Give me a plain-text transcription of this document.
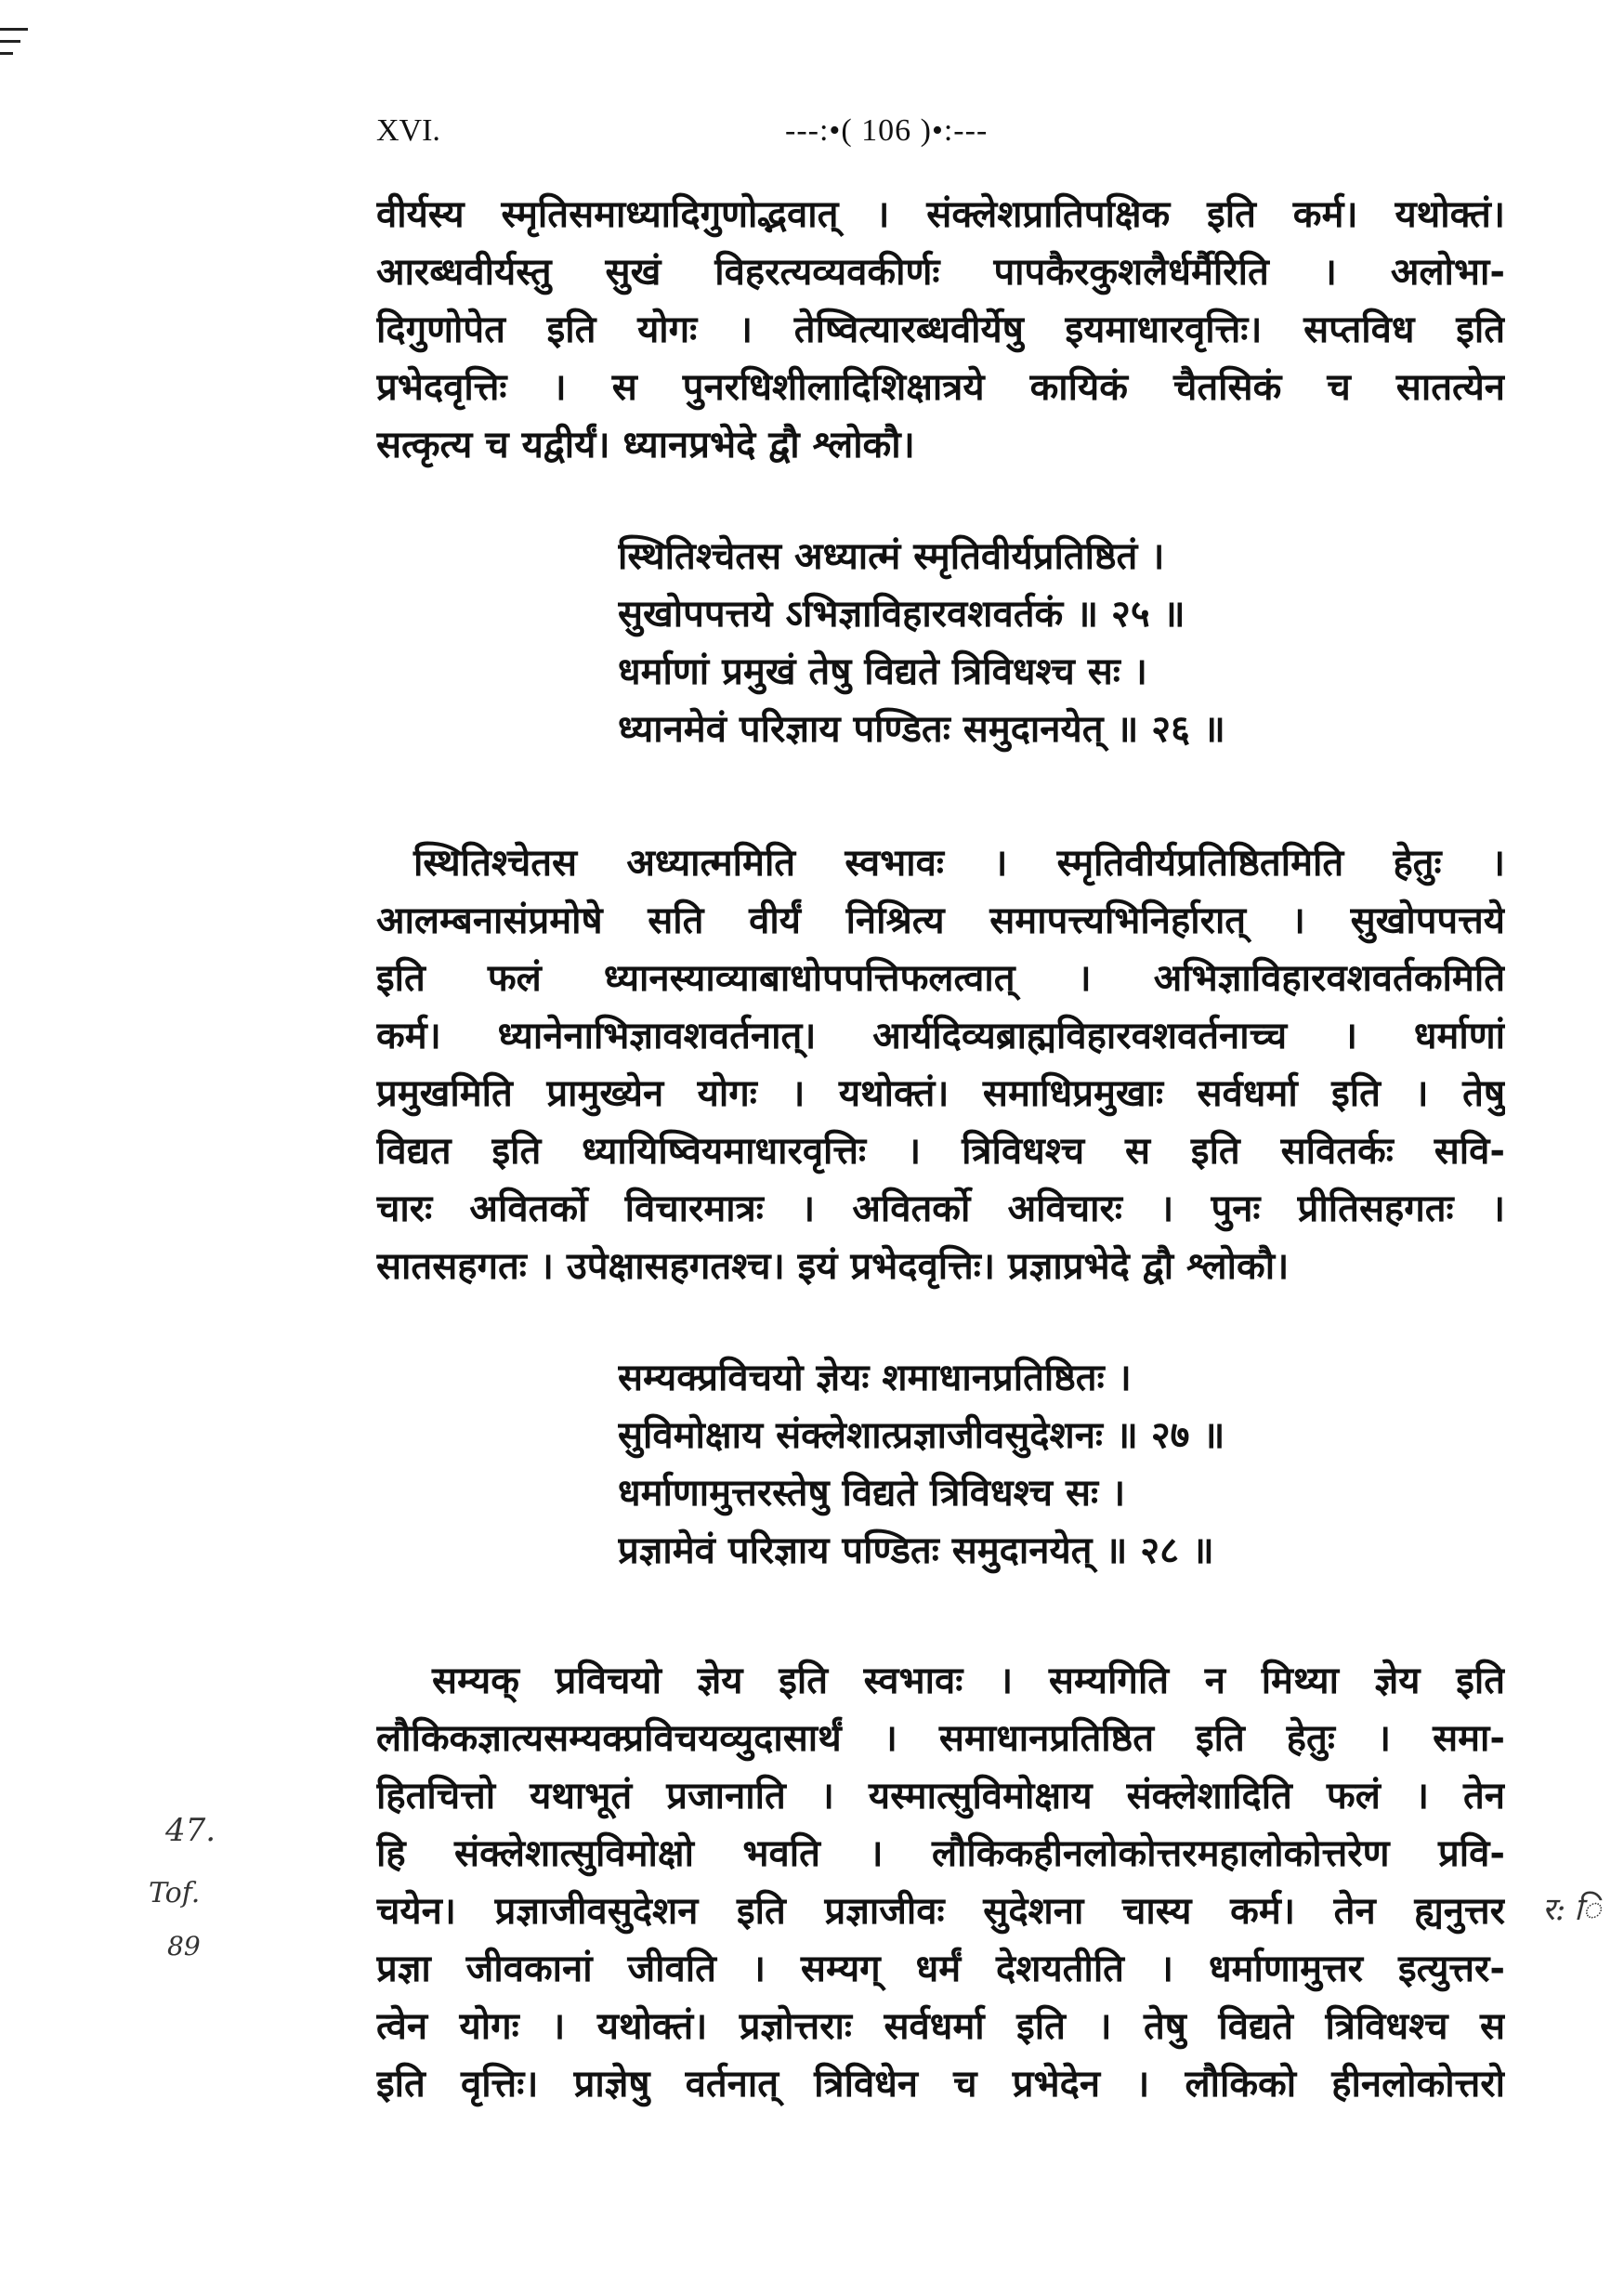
XVI.	---:•( 106 )•:---
वीर्यस्य स्मृतिसमाध्यादिगुणोद्भवात् । संक्लेशप्रातिपक्षिक इति कर्म। यथोक्तं।
आरब्धवीर्यस्तु सुखं विहरत्यव्यवकीर्णः पापकैरकुशलैर्धर्मैरिति । अलोभा-
दिगुणोपेत इति योगः । तेष्वित्यारब्धवीर्येषु इयमाधारवृत्तिः। सप्तविध इति
प्रभेदवृत्तिः । स पुनरधिशीलादिशिक्षात्रये कायिकं चैतसिकं च सातत्येन
सत्कृत्य च यद्वीर्यं। ध्यानप्रभेदे द्वौ श्लोकौ।
स्थितिश्चेतस अध्यात्मं स्मृतिवीर्यप्रतिष्ठितं ।
सुखोपपत्तये ऽभिज्ञाविहारवशवर्तकं ॥ २५ ॥
धर्माणां प्रमुखं तेषु विद्यते त्रिविधश्च सः ।
ध्यानमेवं परिज्ञाय पण्डितः समुदानयेत् ॥ २६ ॥
स्थितिश्चेतस अध्यात्ममिति स्वभावः । स्मृतिवीर्यप्रतिष्ठितमिति हेतुः ।
आलम्बनासंप्रमोषे सति वीर्यं निश्रित्य समापत्त्यभिनिर्हारात् । सुखोपपत्तये
इति फलं ध्यानस्याव्याबाधोपपत्तिफलत्वात् । अभिज्ञाविहारवशवर्तकमिति
कर्म। ध्यानेनाभिज्ञावशवर्तनात्। आर्यदिव्यब्राह्मविहारवशवर्तनाच्च । धर्माणां
प्रमुखमिति प्रामुख्येन योगः । यथोक्तं। समाधिप्रमुखाः सर्वधर्मा इति । तेषु
विद्यत इति ध्यायिष्वियमाधारवृत्तिः । त्रिविधश्च स इति सवितर्कः सवि-
चारः अवितर्को विचारमात्रः । अवितर्को अविचारः । पुनः प्रीतिसहगतः ।
सातसहगतः । उपेक्षासहगतश्च। इयं प्रभेदवृत्तिः। प्रज्ञाप्रभेदे द्वौ श्लोकौ।
सम्यक्प्रविचयो ज्ञेयः शमाधानप्रतिष्ठितः ।
सुविमोक्षाय संक्लेशात्प्रज्ञाजीवसुदेशनः ॥ २७ ॥
धर्माणामुत्तरस्तेषु विद्यते त्रिविधश्च सः ।
प्रज्ञामेवं परिज्ञाय पण्डितः समुदानयेत् ॥ २८ ॥
सम्यक् प्रविचयो ज्ञेय इति स्वभावः । सम्यगिति न मिथ्या ज्ञेय इति
लौकिकज्ञात्यसम्यक्प्रविचयव्युदासार्थं । समाधानप्रतिष्ठित इति हेतुः । समा-
हितचित्तो यथाभूतं प्रजानाति । यस्मात्सुविमोक्षाय संक्लेशादिति फलं । तेन
हि संक्लेशात्सुविमोक्षो भवति । लौकिकहीनलोकोत्तरमहालोकोत्तरेण प्रवि-
चयेन। प्रज्ञाजीवसुदेशन इति प्रज्ञाजीवः सुदेशना चास्य कर्म। तेन ह्यनुत्तर
प्रज्ञा जीवकानां जीवति । सम्यग् धर्मं देशयतीति । धर्माणामुत्तर इत्युत्तर-
त्वेन योगः । यथोक्तं। प्रज्ञोत्तराः सर्वधर्मा इति । तेषु विद्यते त्रिविधश्च स
इति वृत्तिः। प्राज्ञेषु वर्तनात् त्रिविधेन च प्रभेदेन । लौकिको हीनलोकोत्तरो
47.
Tof.
89
र: ि
